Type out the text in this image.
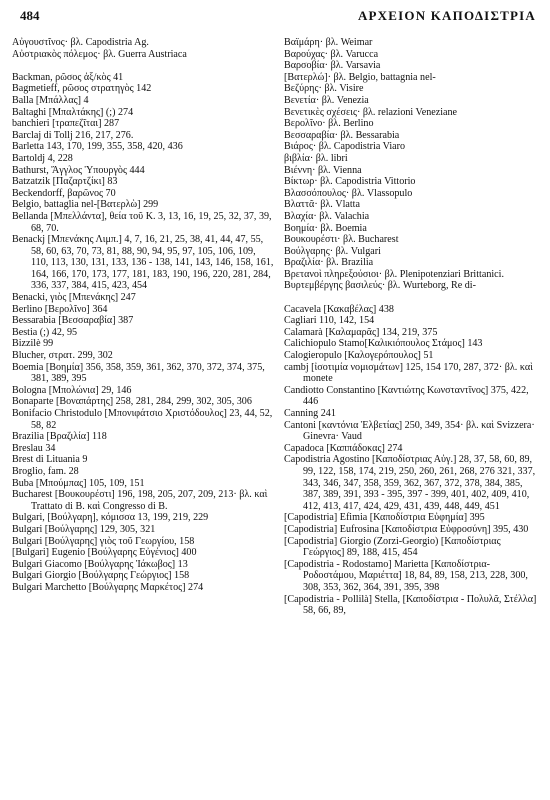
484	ΑΡΧΕΙΟΝ ΚΑΠΟΔΙΣΤΡΙΑ

Αὐγουστῖνος· βλ. Capodistria Ag.

Αὐστριακὸς πόλεμος· βλ. Guerra Austriaca

Backman, ρῶσος ἀξ/κὸς 41

Bagmetieff, ρῶσος στρατηγὸς 142

Balla [Μπάλλας] 4

Baltaghi [Μπαλτάκης] (;) 274

banchieri [τραπεζῖται] 287

Barclaj di Tollj 216, 217, 276.

Barletta 143, 170, 199, 355, 358, 420, 436

Bartoldj 4, 228

Bathurst, Ἄγγλος Ὑπουργὸς 444

Batzatzik [Παζαρτζίκι] 83

Beckendorff, βαρῶνος 70

Belgio, battaglia nel-[Βατερλὼ] 299

Bellanda [Μπελλάντα], θεία τοῦ Κ. 3, 13, 16, 19, 25, 32, 37, 39, 68, 70.

Benackj [Μπενάκης Λιμπ.] 4, 7, 16, 21, 25, 38, 41, 44, 47, 55, 58, 60, 63, 70, 73, 81, 88, 90, 94, 95, 97, 105, 106, 109, 110, 113, 130, 131, 133, 136 - 138, 141, 143, 146, 158, 161, 164, 166, 170, 173, 177, 181, 183, 190, 196, 220, 281, 284, 336, 337, 384, 415, 423, 454

Benacki, γιὸς [Μπενάκης] 247

Berlino [Βερολῖνο] 364

Bessarabia [Βεσσαραβία] 387

Bestia (;) 42, 95

Bizzilè 99

Blucher, στρατ. 299, 302

Boemia [Βοημία] 356, 358, 359, 361, 362, 370, 372, 374, 375, 381, 389, 395

Bologna [Μπολώνια] 29, 146

Bonaparte [Βοναπάρτης] 258, 281, 284, 299, 302, 305, 306

Bonifacio Christodulo [Μπονιφάτσιο Χριστόδουλος] 23, 44, 52, 58, 82

Brazilia [Βραζιλία] 118

Breslau 34

Brest di Lituania 9

Broglio, fam. 28

Buba [Μπούμπας] 105, 109, 151

Bucharest [Βουκουρέστι] 196, 198, 205, 207, 209, 213· βλ. καὶ Trattato di B. καὶ Congresso di B.

Bulgari, [Βούλγαρη], κόμισσα 13, 199, 219, 229

Bulgari [Βούλγαρης] 129, 305, 321

Bulgari [Βούλγαρης] γιὸς τοῦ Γεωργίου, 158

[Bulgari] Eugenio [Βούλγαρης Εὐγένιος] 400

Bulgari Giacomo [Βούλγαρης Ἰάκωβος] 13

Bulgari Giorgio [Βούλγαρης Γεώργιος] 158

Bulgari Marchetto [Βούλγαρης Μαρκέτος] 274

Βαϊμάρη· βλ. Weimar

Βαρούχας· βλ. Varucca

Βαρσοβία· βλ. Varsavia

[Βατερλώ]· βλ. Belgio, battagnia nel-

Βεζύρης· βλ. Visire

Βενετία· βλ. Venezia

Βενετικὲς σχέσεις· βλ. relazioni Veneziane

Βερολῖνο· βλ. Berlino

Βεσσαραβία· βλ. Bessarabia

Βιάρος· βλ. Capodistria Viaro

βιβλία· βλ. libri

Βιέννη· βλ. Vienna

Βίκτωρ· βλ. Capodistria Vittorio

Βλασσόπουλος· βλ. Vlassopulo

Βλαττᾶ· βλ. Vlatta

Βλαχία· βλ. Valachia

Βοημία· βλ. Boemia

Βουκουρέστι· βλ. Bucharest

Βούλγαρης· βλ. Vulgari

Βραζιλία· βλ. Brazilia

Βρετανοὶ πληρεξούσιοι· βλ. Plenipotenziari Brittanici.

Βυρτεμβέργης βασιλεύς· βλ. Wurteborg, Re di-

Cacavela [Κακαβέλας] 438

Cagliari 110, 142, 154

Calamarà [Καλαμαρᾶς] 134, 219, 375

Calichiopulo Stamo[Καλικιόπουλος Στάμος] 143

Calogieropulo [Καλογερόπουλος] 51

cambj [ἰσοτιμία νομισμάτων] 125, 154 170, 287, 372· βλ. καὶ monete

Candiotto Constantino [Καντιώτης Κωνσταντῖνος] 375, 422, 446

Canning 241

Cantoni [καντόνια Ἑλβετίας] 250, 349, 354· βλ. καὶ Svizzera· Ginevra· Vaud

Capadoca [Καππάδοκας] 274

Capodistria Agostino [Καποδίστριας Αὐγ.] 28, 37, 58, 60, 89, 99, 122, 158, 174, 219, 250, 260, 261, 268, 276 321, 337, 343, 346, 347, 358, 359, 362, 367, 372, 378, 384, 385, 387, 389, 391, 393 - 395, 397 - 399, 401, 402, 409, 410, 412, 413, 417, 424, 429, 431, 439, 448, 449, 451

[Capodistria] Efimia [Καποδίστρια Εὐφημία] 395

[Capodistria] Eufrosina [Καποδίστρια Εὐφροσύνη] 395, 430

[Capodistria] Giorgio (Zorzi-Georgio) [Καποδίστριας Γεώργιος] 89, 188, 415, 454

[Capodistria - Rodostamo] Marietta [Καποδίστρια-Ροδοστάμου, Μαριέττα] 18, 84, 89, 158, 213, 228, 300, 308, 353, 362, 364, 391, 395, 398

[Capodistria - Pollilà] Stella, [Καποδίστρια - Πολυλᾶ, Στέλλα] 58, 66, 89,
